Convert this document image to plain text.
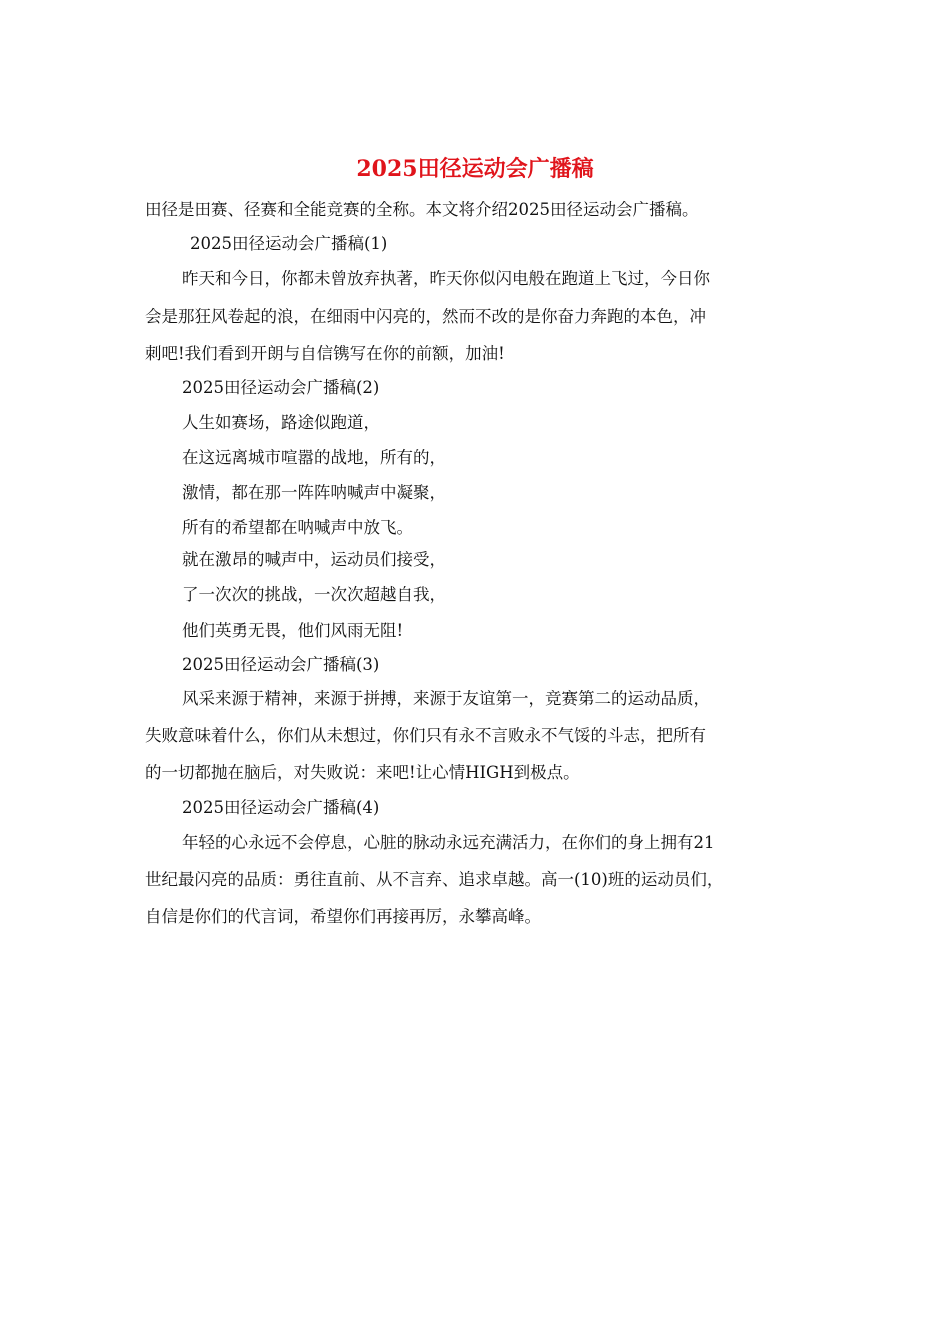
2025田径运动会广播稿
田径是田赛、径赛和全能竞赛的全称。本文将介绍2025田径运动会广播稿。
2025田径运动会广播稿(1)
昨天和今日，你都未曾放弃执著，昨天你似闪电般在跑道上飞过，今日你
会是那狂风卷起的浪，在细雨中闪亮的，然而不改的是你奋力奔跑的本色，冲
刺吧!我们看到开朗与自信镌写在你的前额，加油!
2025田径运动会广播稿(2)
人生如赛场，路途似跑道，
在这远离城市喧嚣的战地，所有的，
激情，都在那一阵阵呐喊声中凝聚，
所有的希望都在呐喊声中放飞。
就在激昂的喊声中，运动员们接受，
了一次次的挑战，一次次超越自我，
他们英勇无畏，他们风雨无阻!
2025田径运动会广播稿(3)
风采来源于精神，来源于拼搏，来源于友谊第一，竞赛第二的运动品质，
失败意味着什么，你们从未想过，你们只有永不言败永不气馁的斗志，把所有
的一切都抛在脑后，对失败说：来吧!让心情HIGH到极点。
2025田径运动会广播稿(4)
年轻的心永远不会停息，心脏的脉动永远充满活力，在你们的身上拥有21
世纪最闪亮的品质：勇往直前、从不言弃、追求卓越。高一(10)班的运动员们，
自信是你们的代言词，希望你们再接再厉，永攀高峰。
